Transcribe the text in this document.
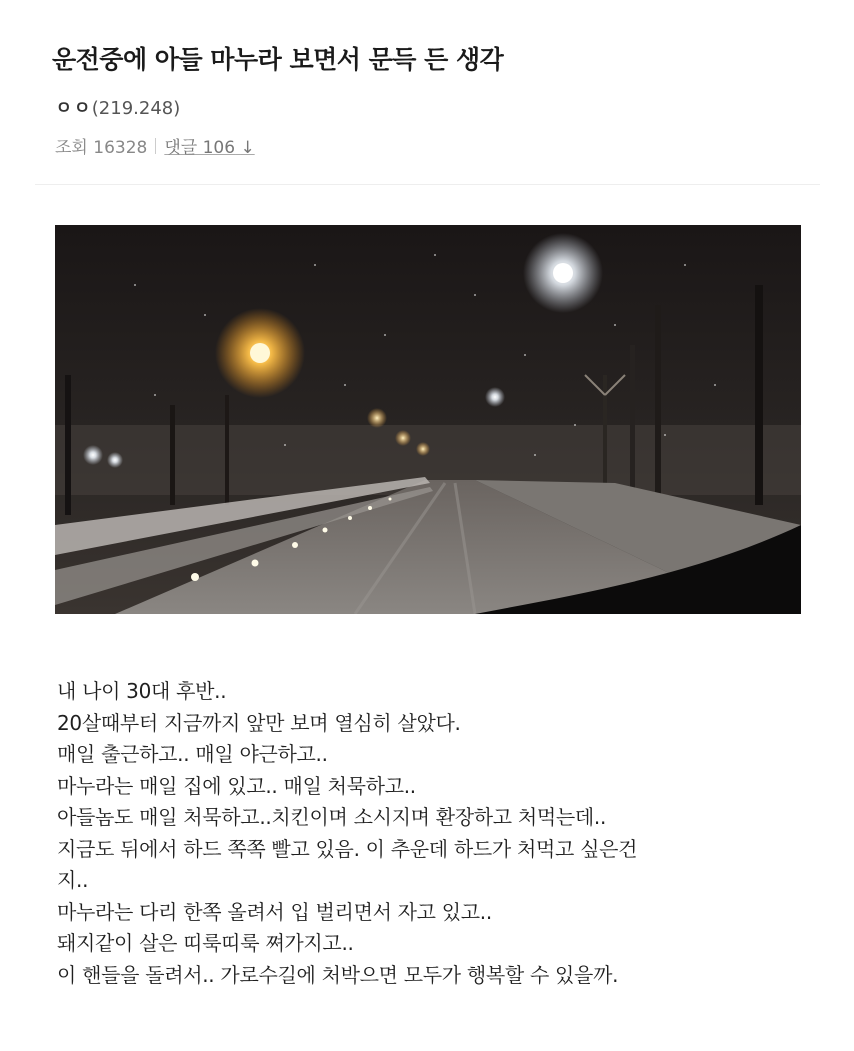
운전중에 아들 마누라 보면서 문득 든 생각
ㅇㅇ(219.248)
조회 16328 댓글 106 ↓
내 나이 30대 후반..
20살때부터 지금까지 앞만 보며 열심히 살았다.
매일 출근하고.. 매일 야근하고..
마누라는 매일 집에 있고.. 매일 처묵하고..
아들놈도 매일 처묵하고..치킨이며 소시지며 환장하고 처먹는데..
지금도 뒤에서 하드 쪽쪽 빨고 있음. 이 추운데 하드가 처먹고 싶은건
지..
마누라는 다리 한쪽 올려서 입 벌리면서 자고 있고..
돼지같이 살은 띠룩띠룩 쪄가지고..
이 핸들을 돌려서.. 가로수길에 처박으면 모두가 행복할 수 있을까.
